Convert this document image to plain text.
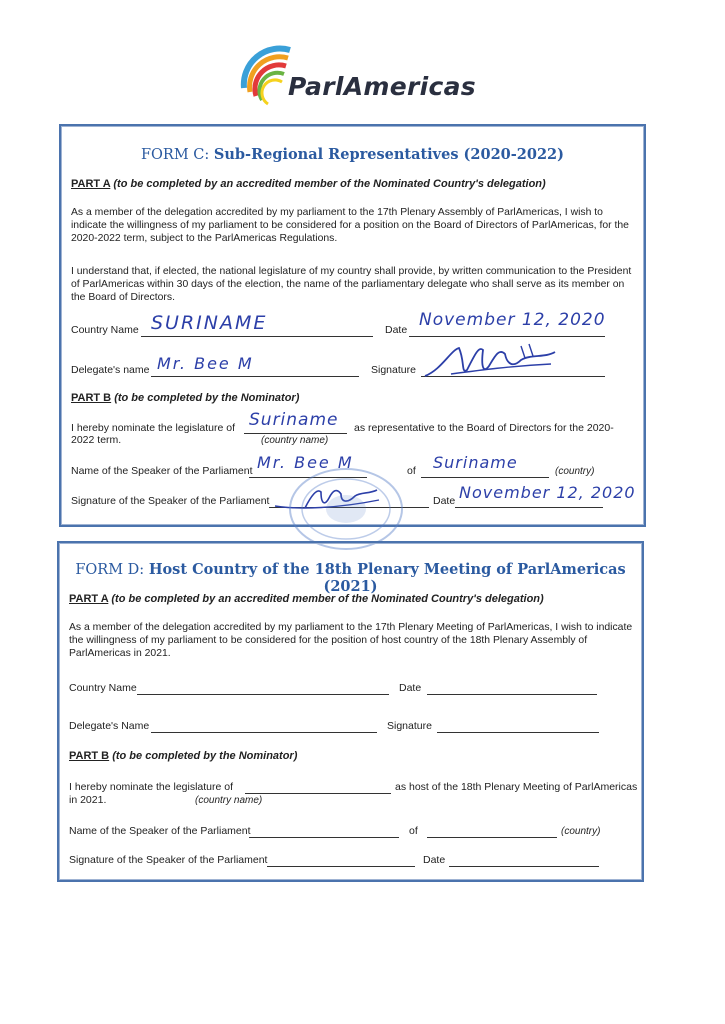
ParlAmericas
FORM C: Sub-Regional Representatives (2020-2022)
PART A (to be completed by an accredited member of the Nominated Country's delegation)
As a member of the delegation accredited by my parliament to the 17th Plenary Assembly of ParlAmericas, I wish to indicate the willingness of my parliament to be considered for a position on the Board of Directors of ParlAmericas, for the 2020-2022 term, subject to the ParlAmericas Regulations.
I understand that, if elected, the national legislature of my country shall provide, by written communication to the President of ParlAmericas within 30 days of the election, the name of the parliamentary delegate who shall serve as its member on the Board of Directors.
Country Name SURINAME	Date November 12, 2020
Delegate's name Mr. Bee M	Signature
PART B (to be completed by the Nominator)
I hereby nominate the legislature of Suriname as representative to the Board of Directors for the 2020-
2022 term.	(country name)
Name of the Speaker of the Parliament Mr. Bee M	of Suriname	(country)
Signature of the Speaker of the Parliament	Date November 12, 2020
FORM D: Host Country of the 18th Plenary Meeting of ParlAmericas (2021)
PART A (to be completed by an accredited member of the Nominated Country's delegation)
As a member of the delegation accredited by my parliament to the 17th Plenary Meeting of ParlAmericas, I wish to indicate the willingness of my parliament to be considered for the position of host country of the 18th Plenary Assembly of ParlAmericas in 2021.
Country Name	Date
Delegate's Name	Signature
PART B (to be completed by the Nominator)
I hereby nominate the legislature of	as host of the 18th Plenary Meeting of ParlAmericas
in 2021.	(country name)
Name of the Speaker of the Parliament	of	(country)
Signature of the Speaker of the Parliament	Date
